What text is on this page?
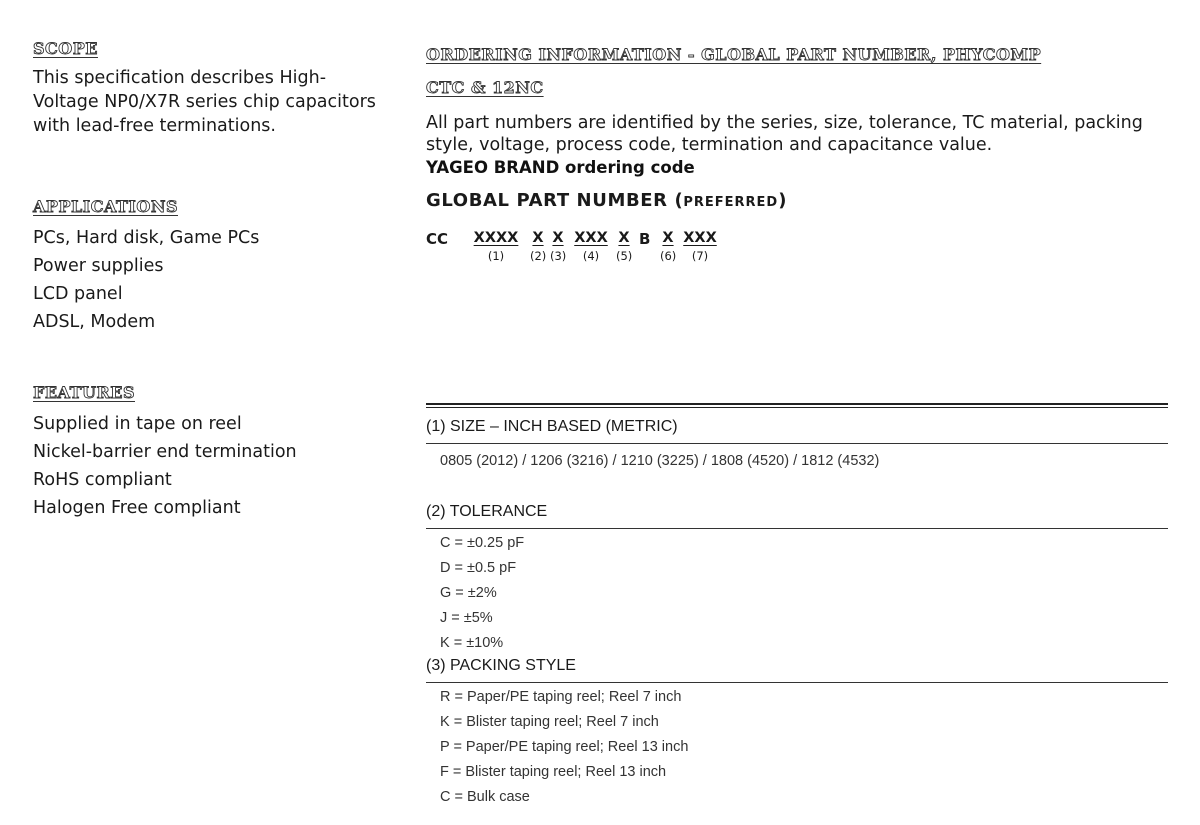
SCOPE

This specification describes High-Voltage NP0/X7R series chip capacitors with lead-free terminations.

APPLICATIONS
PCs, Hard disk, Game PCs
Power supplies
LCD panel
ADSL, Modem
FEATURES
Supplied in tape on reel
Nickel-barrier end termination
RoHS compliant
Halogen Free compliant
ORDERING INFORMATION - GLOBAL PART NUMBER, PHYCOMP
CTC & 12NC

All part numbers are identified by the series, size, tolerance, TC material, packing style, voltage, process code, termination and capacitance value.

YAGEO BRAND ordering code

GLOBAL PART NUMBER (PREFERRED)

CC XXXX
(1)
X
(2)
X
(3)
XXX
(4)
X
(5)
B X
(6)
XXX
(7)
(1) SIZE – INCH BASED (METRIC)
0805 (2012) / 1206 (3216) / 1210 (3225) / 1808 (4520) / 1812 (4532)
(2) TOLERANCE
C = ±0.25 pF
D = ±0.5 pF
G = ±2%
J = ±5%
K = ±10%
(3) PACKING STYLE
R = Paper/PE taping reel; Reel 7 inch
K = Blister taping reel; Reel 7 inch
P = Paper/PE taping reel; Reel 13 inch
F = Blister taping reel; Reel 13 inch
C = Bulk case
